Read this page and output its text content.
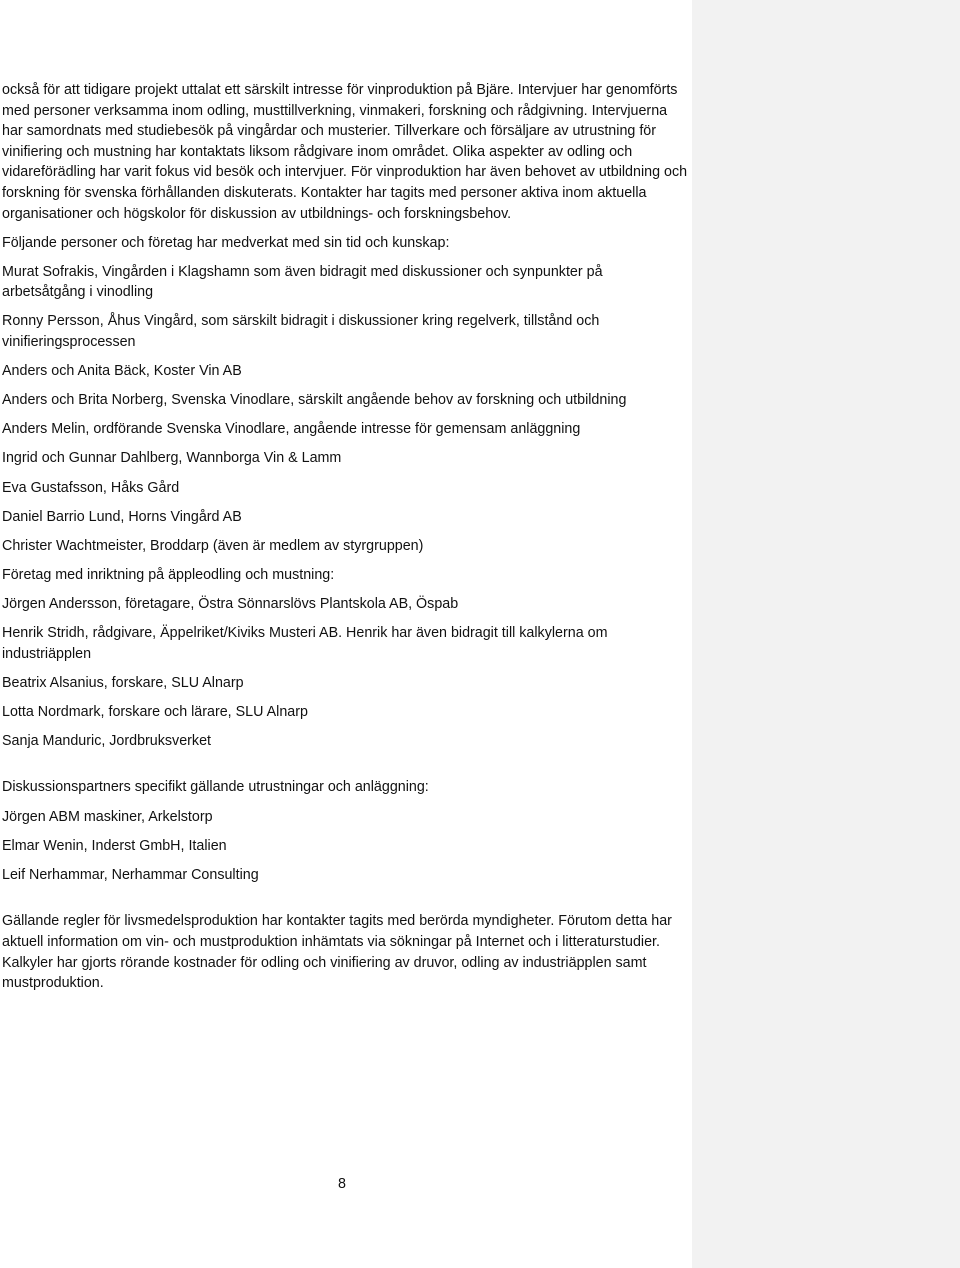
också för att tidigare projekt uttalat ett särskilt intresse för vinproduktion på Bjäre. Intervjuer har genomförts med personer verksamma inom odling, musttillverkning, vinmakeri, forskning och rådgivning. Intervjuerna har samordnats med studiebesök på vingårdar och musterier. Tillverkare och försäljare av utrustning för vinifiering och mustning har kontaktats liksom rådgivare inom området. Olika aspekter av odling och vidareförädling har varit fokus vid besök och intervjuer. För vinproduktion har även behovet av utbildning och forskning för svenska förhållanden diskuterats. Kontakter har tagits med personer aktiva inom aktuella organisationer och högskolor för diskussion av utbildnings- och forskningsbehov.

Följande personer och företag har medverkat med sin tid och kunskap:

Murat Sofrakis, Vingården i Klagshamn som även bidragit med diskussioner och synpunkter på arbetsåtgång i vinodling

Ronny Persson, Åhus Vingård, som särskilt bidragit i diskussioner kring regelverk, tillstånd och vinifieringsprocessen

Anders och Anita Bäck, Koster Vin AB

Anders och Brita Norberg, Svenska Vinodlare, särskilt angående behov av forskning och utbildning

Anders Melin, ordförande Svenska Vinodlare, angående intresse för gemensam anläggning

Ingrid och Gunnar Dahlberg, Wannborga Vin & Lamm

Eva Gustafsson, Håks Gård

Daniel Barrio Lund, Horns Vingård AB

Christer Wachtmeister, Broddarp (även är medlem av styrgruppen)

Företag med inriktning på äppleodling och mustning:

Jörgen Andersson, företagare, Östra Sönnarslövs Plantskola AB, Öspab

Henrik Stridh, rådgivare, Äppelriket/Kiviks Musteri AB. Henrik har även bidragit till kalkylerna om industriäpplen

Beatrix Alsanius, forskare, SLU Alnarp

Lotta Nordmark, forskare och lärare, SLU Alnarp

Sanja Manduric, Jordbruksverket

Diskussionspartners specifikt gällande utrustningar och anläggning:

Jörgen ABM maskiner, Arkelstorp

Elmar Wenin, Inderst GmbH, Italien

Leif Nerhammar, Nerhammar Consulting

Gällande regler för livsmedelsproduktion har kontakter tagits med berörda myndigheter. Förutom detta har aktuell information om vin- och mustproduktion inhämtats via sökningar på Internet och i litteraturstudier. Kalkyler har gjorts rörande kostnader för odling och vinifiering av druvor, odling av industriäpplen samt mustproduktion.

8
